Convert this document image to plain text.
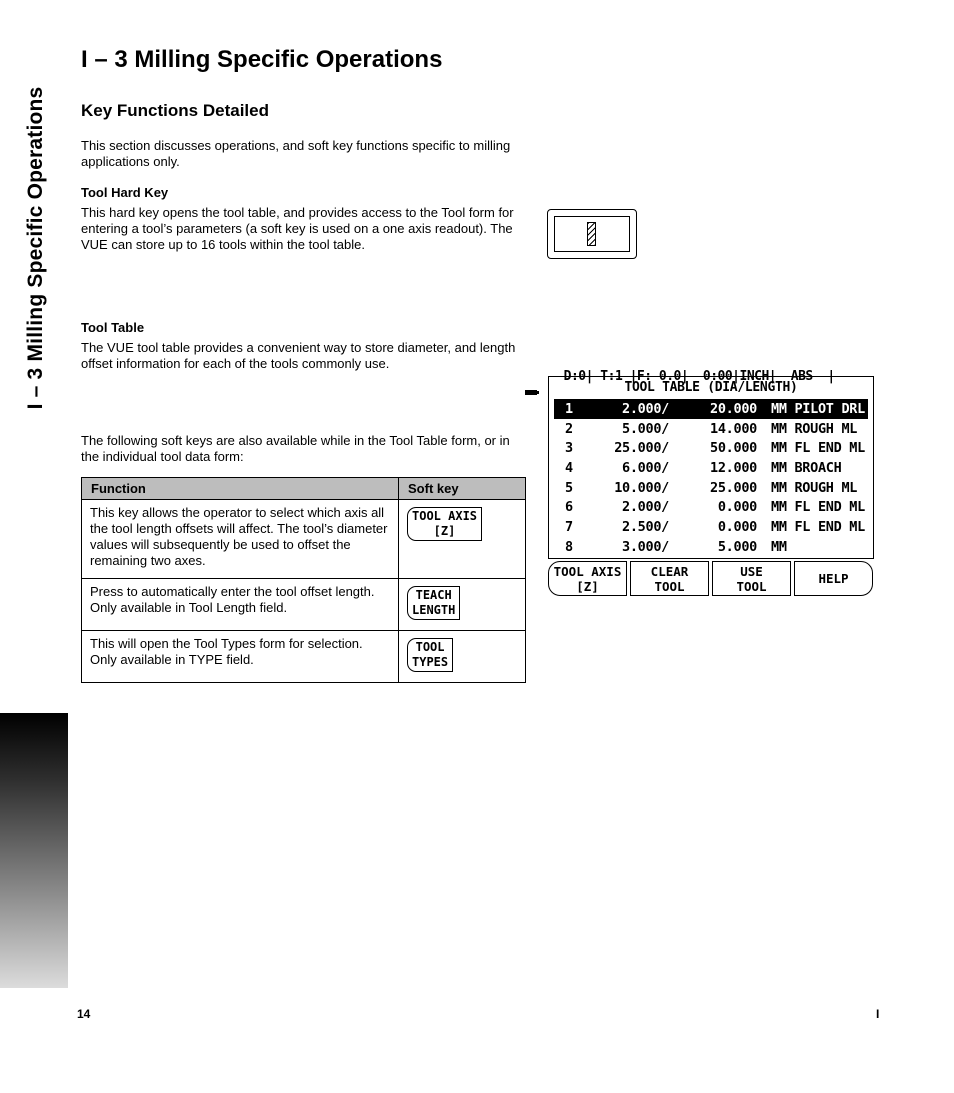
I – 3 Milling Specific Operations
I – 3 Milling Specific Operations
Key Functions Detailed

This section discusses operations, and soft key functions specific to milling applications only.

Tool Hard Key

This hard key opens the tool table, and provides access to the Tool form for entering a tool’s parameters (a soft key is used on a one axis readout). The VUE can store up to 16 tools within the tool table.

Tool Table

The VUE tool table provides a convenient way to store diameter, and length offset information for each of the tools commonly use.

The following soft keys are also available while in the Tool Table form, or in the individual tool data form:

Function	Soft key
This key allows the operator to select which axis all the tool length offsets will affect. The tool’s diameter values will subsequently be used to offset the remaining two axes.	TOOL AXIS
[Z]
Press to automatically enter the tool offset length. Only available in Tool Length field.	TEACH
LENGTH
This will open the Tool Types form for selection. Only available in TYPE field.	TOOL
TYPES

D:0| T:1 |F: 0.0|  0:00|INCH|  ABS  |

TOOL TABLE (DIA/LENGTH)
1	2.000/	20.000 MM PILOT DRL
2	5.000/	14.000 MM ROUGH ML
3	25.000/	50.000 MM FL END ML
4	6.000/	12.000 MM BROACH
5	10.000/	25.000 MM ROUGH ML
6	2.000/	0.000 MM FL END ML
7	2.500/	0.000 MM FL END ML
8	3.000/	5.000 MM
TOOL AXIS
[Z]
CLEAR
TOOL
USE
TOOL	HELP
14	I
